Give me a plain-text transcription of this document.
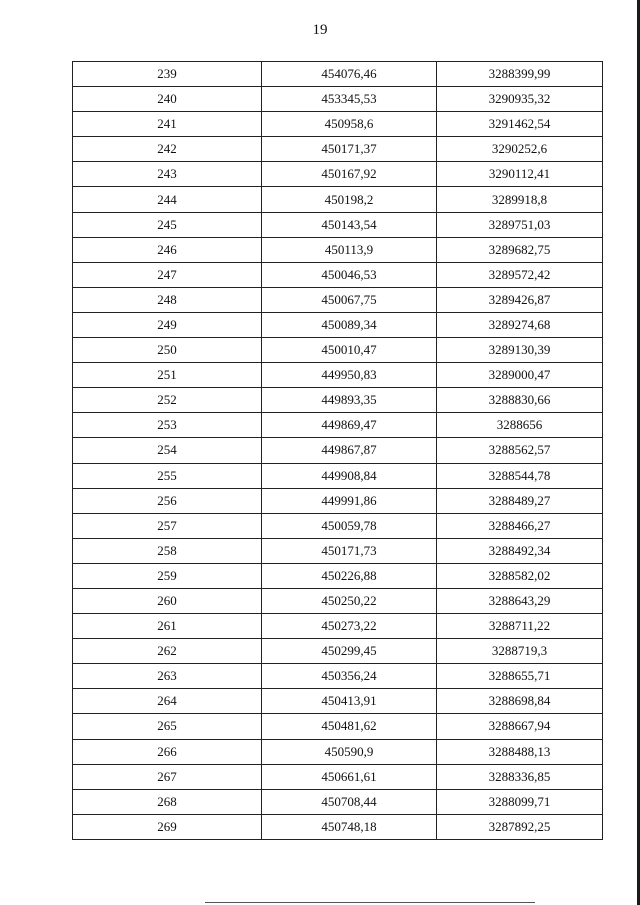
19
239	454076,46	3288399,99
240	453345,53	3290935,32
241	450958,6	3291462,54
242	450171,37	3290252,6
243	450167,92	3290112,41
244	450198,2	3289918,8
245	450143,54	3289751,03
246	450113,9	3289682,75
247	450046,53	3289572,42
248	450067,75	3289426,87
249	450089,34	3289274,68
250	450010,47	3289130,39
251	449950,83	3289000,47
252	449893,35	3288830,66
253	449869,47	3288656
254	449867,87	3288562,57
255	449908,84	3288544,78
256	449991,86	3288489,27
257	450059,78	3288466,27
258	450171,73	3288492,34
259	450226,88	3288582,02
260	450250,22	3288643,29
261	450273,22	3288711,22
262	450299,45	3288719,3
263	450356,24	3288655,71
264	450413,91	3288698,84
265	450481,62	3288667,94
266	450590,9	3288488,13
267	450661,61	3288336,85
268	450708,44	3288099,71
269	450748,18	3287892,25
